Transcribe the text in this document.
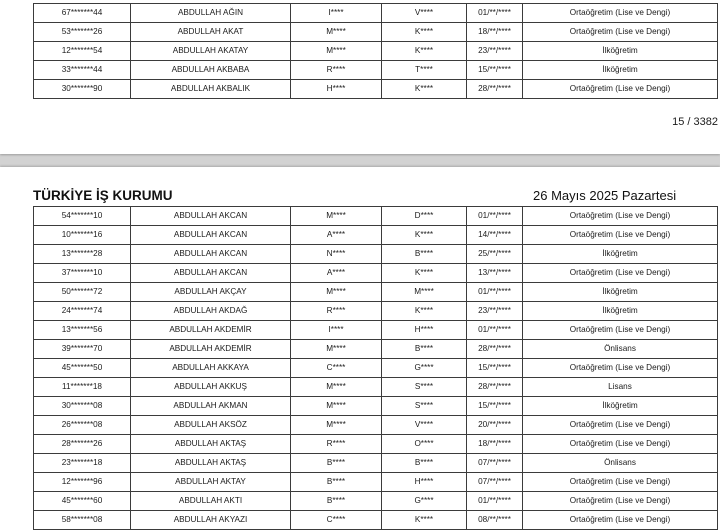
67*******44	ABDULLAH AĞIN	I****	V****	01/**/****	Ortaöğretim (Lise ve Dengi)
53*******26	ABDULLAH AKAT	M****	K****	18/**/****	Ortaöğretim (Lise ve Dengi)
12*******54	ABDULLAH AKATAY	M****	K****	23/**/****	İlköğretim
33*******44	ABDULLAH AKBABA	R****	T****	15/**/****	İlköğretim
30*******90	ABDULLAH AKBALIK	H****	K****	28/**/****	Ortaöğretim (Lise ve Dengi)
15 / 3382
TÜRKİYE İŞ KURUMU	26 Mayıs 2025 Pazartesi
54*******10	ABDULLAH AKCAN	M****	D****	01/**/****	Ortaöğretim (Lise ve Dengi)
10*******16	ABDULLAH AKCAN	A****	K****	14/**/****	Ortaöğretim (Lise ve Dengi)
13*******28	ABDULLAH AKCAN	N****	B****	25/**/****	İlköğretim
37*******10	ABDULLAH AKCAN	A****	K****	13/**/****	Ortaöğretim (Lise ve Dengi)
50*******72	ABDULLAH AKÇAY	M****	M****	01/**/****	İlköğretim
24*******74	ABDULLAH AKDAĞ	R****	K****	23/**/****	İlköğretim
13*******56	ABDULLAH AKDEMİR	I****	H****	01/**/****	Ortaöğretim (Lise ve Dengi)
39*******70	ABDULLAH AKDEMİR	M****	B****	28/**/****	Önlisans
45*******50	ABDULLAH AKKAYA	C****	G****	15/**/****	Ortaöğretim (Lise ve Dengi)
11*******18	ABDULLAH AKKUŞ	M****	S****	28/**/****	Lisans
30*******08	ABDULLAH AKMAN	M****	S****	15/**/****	İlköğretim
26*******08	ABDULLAH AKSÖZ	M****	V****	20/**/****	Ortaöğretim (Lise ve Dengi)
28*******26	ABDULLAH AKTAŞ	R****	O****	18/**/****	Ortaöğretim (Lise ve Dengi)
23*******18	ABDULLAH AKTAŞ	B****	B****	07/**/****	Önlisans
12*******96	ABDULLAH AKTAY	B****	H****	07/**/****	Ortaöğretim (Lise ve Dengi)
45*******60	ABDULLAH AKTI	B****	G****	01/**/****	Ortaöğretim (Lise ve Dengi)
58*******08	ABDULLAH AKYAZI	C****	K****	08/**/****	Ortaöğretim (Lise ve Dengi)
